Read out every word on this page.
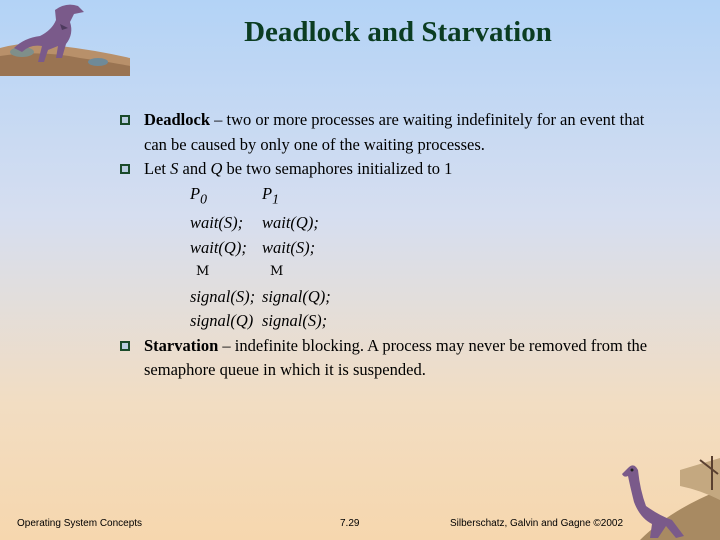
Deadlock and Starvation
Deadlock – two or more processes are waiting indefinitely for an event that can be caused by only one of the waiting processes.
Let S and Q be two semaphores initialized to 1
$P_0$	$P_1$
wait(S);	wait(Q);
wait(Q); wait(S);
M	M
signal(S); signal(Q);
signal(Q) signal(S);
Starvation – indefinite blocking. A process may never be removed from the semaphore queue in which it is suspended.
Operating System Concepts	7.29	Silberschatz, Galvin and Gagne ©2002
